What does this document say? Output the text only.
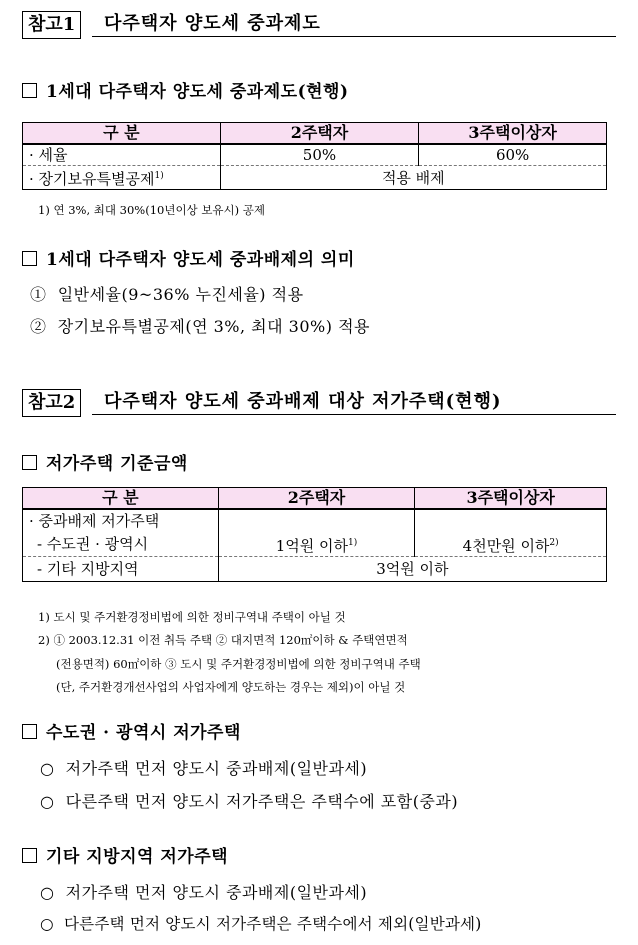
참고1	다주택자 양도세 중과제도
1세대 다주택자 양도세 중과제도(현행)
구 분	2주택자	3주택이상자
· 세율	50%	60%
· 장기보유특별공제$^{1)}$	적용 배제	
1) 연 3%, 최대 30%(10년이상 보유시) 공제
1세대 다주택자 양도세 중과배제의 의미
① 일반세율(9~36% 누진세율) 적용
② 장기보유특별공제(연 3%, 최대 30%) 적용
참고2	다주택자 양도세 중과배제 대상 저가주택(현행)
저가주택 기준금액
구 분	2주택자	3주택이상자
· 중과배제 저가주택		
- 수도권 · 광역시	1억원 이하$^{1)}$	4천만원 이하$^{2)}$
- 기타 지방지역	3억원 이하	
1) 도시 및 주거환경정비법에 의한 정비구역내 주택이 아닐 것
2) ① 2003.12.31 이전 취득 주택 ② 대지면적 120㎡이하 & 주택연면적
(전용면적) 60㎡이하 ③ 도시 및 주거환경정비법에 의한 정비구역내 주택
(단, 주거환경개선사업의 사업자에게 양도하는 경우는 제외)이 아닐 것
수도권 · 광역시 저가주택
○ 저가주택 먼저 양도시 중과배제(일반과세)
○ 다른주택 먼저 양도시 저가주택은 주택수에 포함(중과)
기타 지방지역 저가주택
○ 저가주택 먼저 양도시 중과배제(일반과세)
○ 다른주택 먼저 양도시 저가주택은 주택수에서 제외(일반과세)
